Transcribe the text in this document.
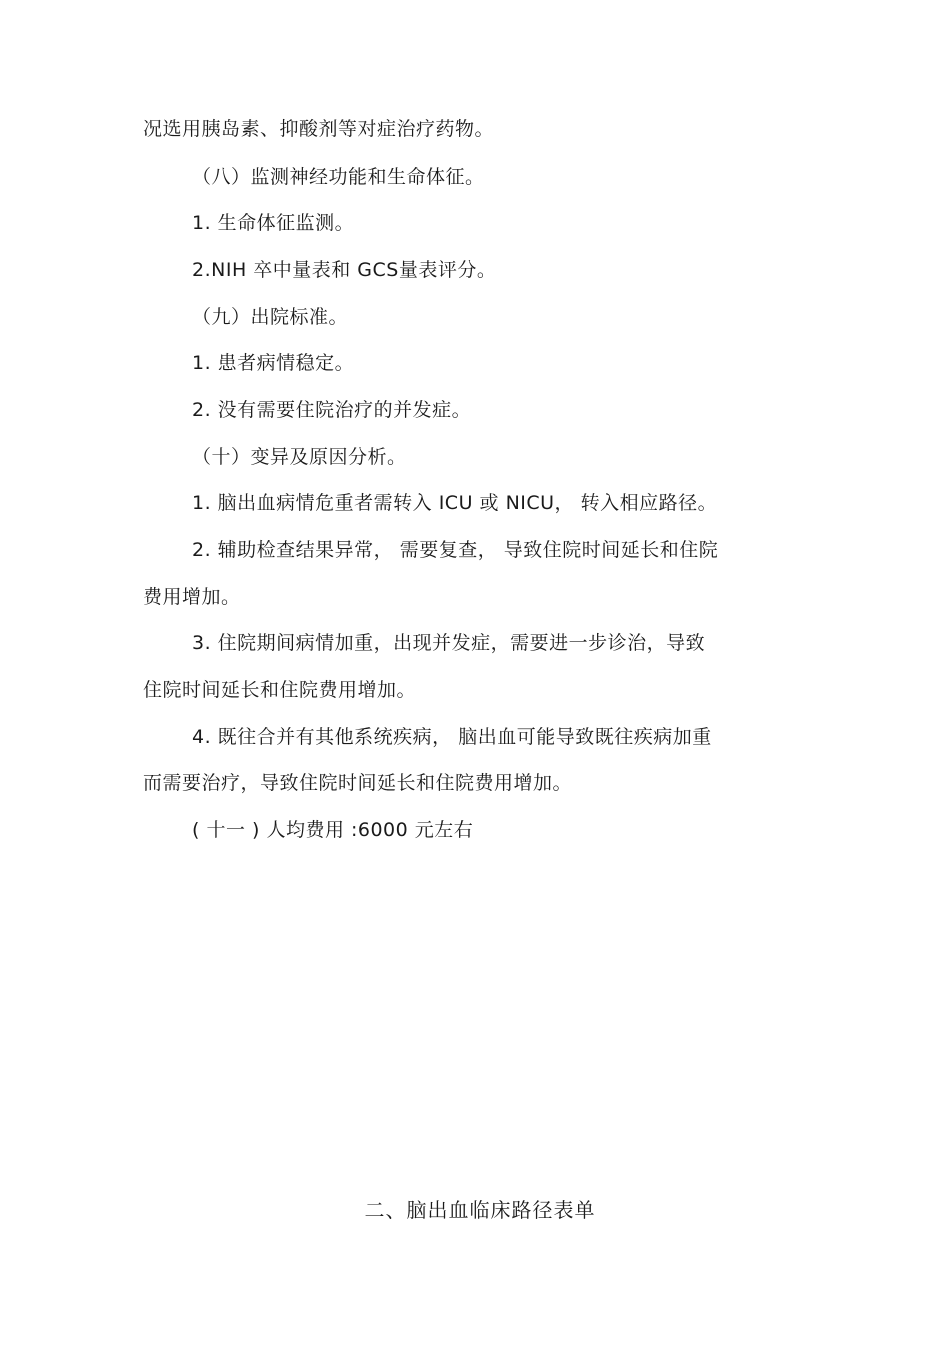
况选用胰岛素、抑酸剂等对症治疗药物。
（八）监测神经功能和生命体征。
1. 生命体征监测。
2.NIH 卒中量表和 GCS量表评分。
（九）出院标准。
1. 患者病情稳定。
2. 没有需要住院治疗的并发症。
（十）变异及原因分析。
1. 脑出血病情危重者需转入 ICU 或 NICU， 转入相应路径。
2. 辅助检查结果异常， 需要复查， 导致住院时间延长和住院
费用增加。
3. 住院期间病情加重，出现并发症，需要进一步诊治，导致
住院时间延长和住院费用增加。
4. 既往合并有其他系统疾病， 脑出血可能导致既往疾病加重
而需要治疗，导致住院时间延长和住院费用增加。
( 十一 ) 人均费用 :6000 元左右
二、脑出血临床路径表单
